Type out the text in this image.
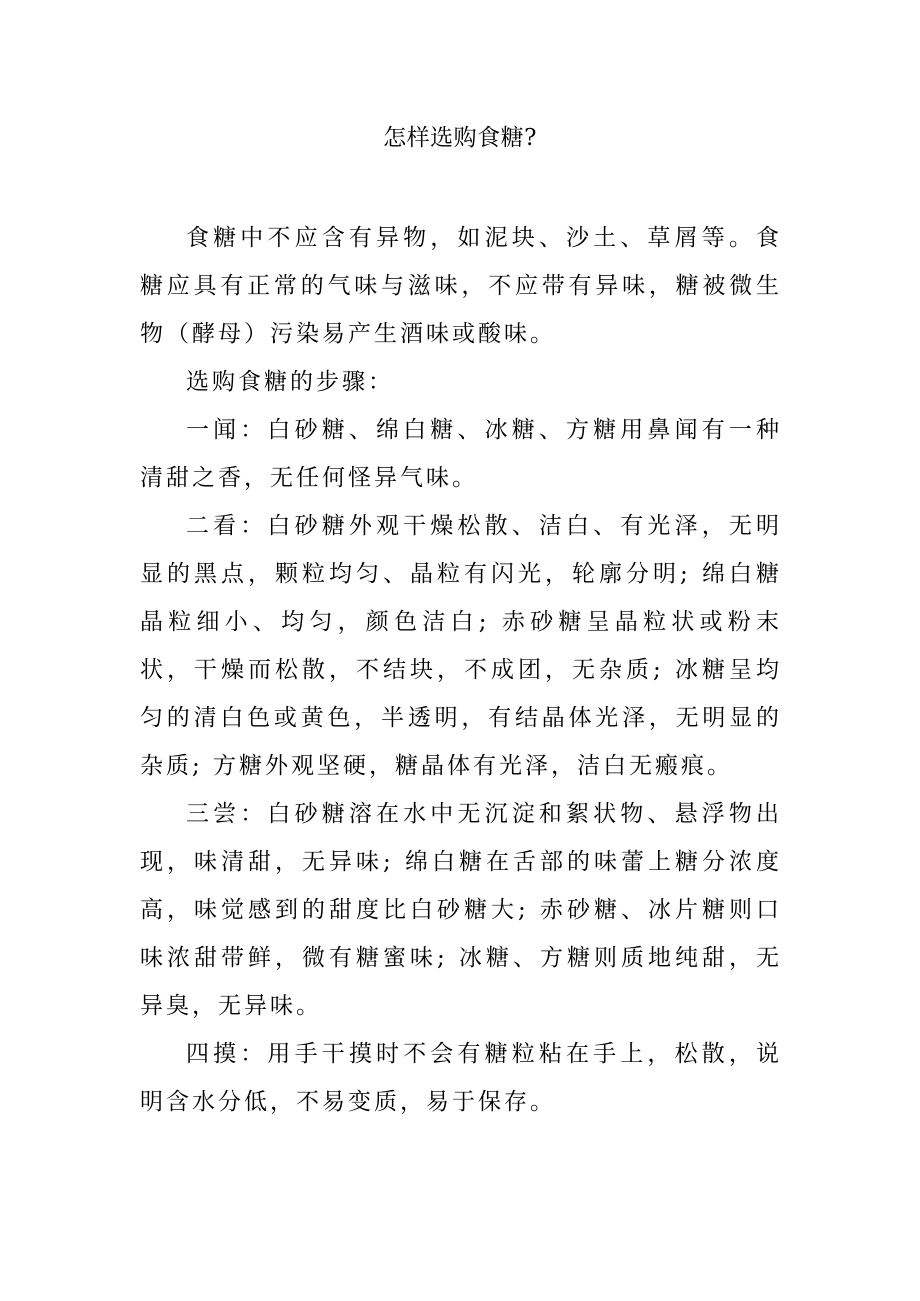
怎样选购食糖?

食糖中不应含有异物，如泥块、沙土、草屑等。食糖应具有正常的气味与滋味，不应带有异味，糖被微生物（酵母）污染易产生酒味或酸味。

选购食糖的步骤：

一闻：白砂糖、绵白糖、冰糖、方糖用鼻闻有一种清甜之香，无任何怪异气味。

二看：白砂糖外观干燥松散、洁白、有光泽，无明显的黑点，颗粒均匀、晶粒有闪光，轮廓分明; 绵白糖晶粒细小、均匀，颜色洁白; 赤砂糖呈晶粒状或粉末状，干燥而松散，不结块，不成团，无杂质; 冰糖呈均匀的清白色或黄色，半透明，有结晶体光泽，无明显的杂质; 方糖外观坚硬，糖晶体有光泽，洁白无瘢痕。

三尝：白砂糖溶在水中无沉淀和絮状物、悬浮物出现，味清甜，无异味; 绵白糖在舌部的味蕾上糖分浓度高，味觉感到的甜度比白砂糖大; 赤砂糖、冰片糖则口味浓甜带鲜，微有糖蜜味; 冰糖、方糖则质地纯甜，无异臭，无异味。

四摸：用手干摸时不会有糖粒粘在手上，松散，说明含水分低，不易变质，易于保存。
